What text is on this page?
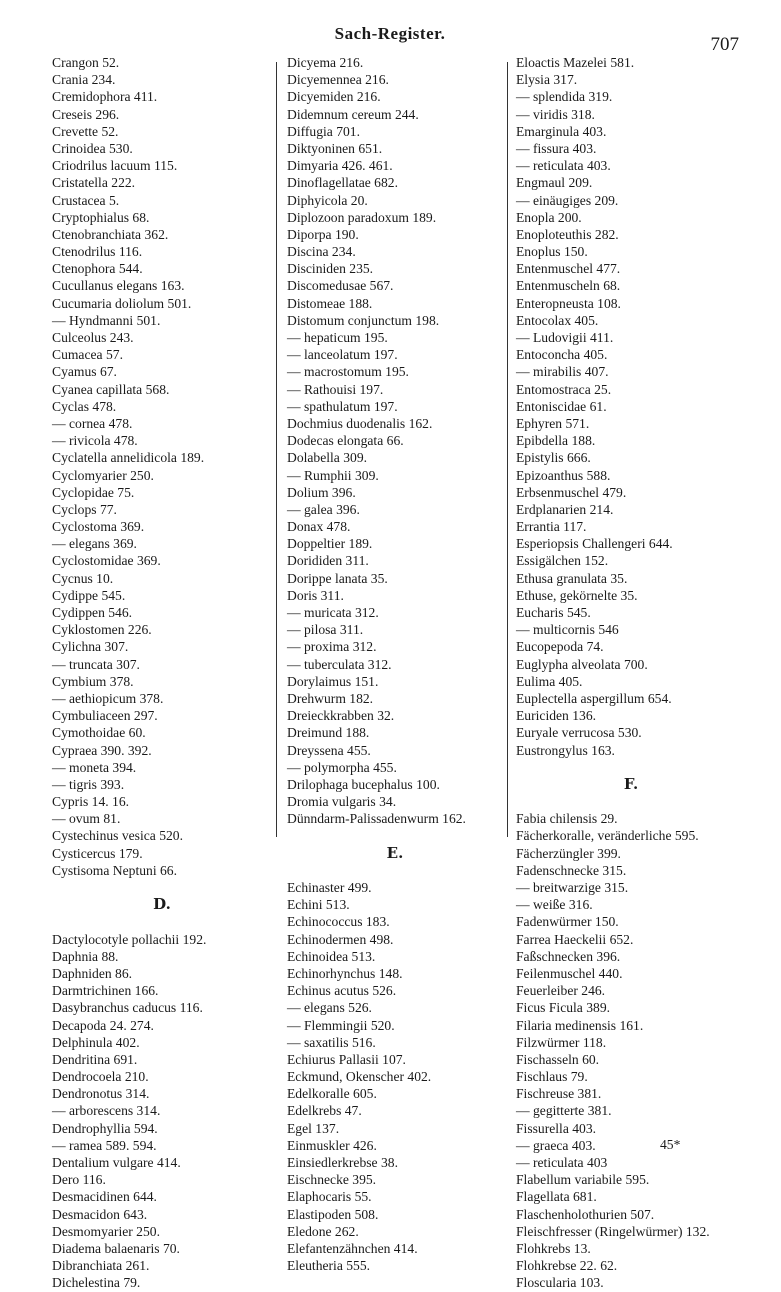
Sach-Register.
707
Crangon 52.
Crania 234.
Cremidophora 411.
Creseis 296.
Crevette 52.
Crinoidea 530.
Criodrilus lacuum 115.
Cristatella 222.
Crustacea 5.
Cryptophialus 68.
Ctenobranchiata 362.
Ctenodrilus 116.
Ctenophora 544.
Cucullanus elegans 163.
Cucumaria doliolum 501.
— Hyndmanni 501.
Culceolus 243.
Cumacea 57.
Cyamus 67.
Cyanea capillata 568.
Cyclas 478.
— cornea 478.
— rivicola 478.
Cyclatella annelidicola 189.
Cyclomyarier 250.
Cyclopidae 75.
Cyclops 77.
Cyclostoma 369.
— elegans 369.
Cyclostomidae 369.
Cycnus 10.
Cydippe 545.
Cydippen 546.
Cyklostomen 226.
Cylichna 307.
— truncata 307.
Cymbium 378.
— aethiopicum 378.
Cymbuliaceen 297.
Cymothoidae 60.
Cypraea 390. 392.
— moneta 394.
— tigris 393.
Cypris 14. 16.
— ovum 81.
Cystechinus vesica 520.
Cysticercus 179.
Cystisoma Neptuni 66.
D.
Dactylocotyle pollachii 192.
Daphnia 88.
Daphniden 86.
Darmtrichinen 166.
Dasybranchus caducus 116.
Decapoda 24. 274.
Delphinula 402.
Dendritina 691.
Dendrocoela 210.
Dendronotus 314.
— arborescens 314.
Dendrophyllia 594.
— ramea 589. 594.
Dentalium vulgare 414.
Dero 116.
Desmacidinen 644.
Desmacidon 643.
Desmomyarier 250.
Diadema balaenaris 70.
Dibranchiata 261.
Dichelestina 79.
Dicyema 216.
Dicyemennea 216.
Dicyemiden 216.
Didemnum cereum 244.
Diffugia 701.
Diktyoninen 651.
Dimyaria 426. 461.
Dinoflagellatae 682.
Diphyicola 20.
Diplozoon paradoxum 189.
Diporpa 190.
Discina 234.
Disciniden 235.
Discomedusae 567.
Distomeae 188.
Distomum conjunctum 198.
— hepaticum 195.
— lanceolatum 197.
— macrostomum 195.
— Rathouisi 197.
— spathulatum 197.
Dochmius duodenalis 162.
Dodecas elongata 66.
Dolabella 309.
— Rumphii 309.
Dolium 396.
— galea 396.
Donax 478.
Doppeltier 189.
Dorididen 311.
Dorippe lanata 35.
Doris 311.
— muricata 312.
— pilosa 311.
— proxima 312.
— tuberculata 312.
Dorylaimus 151.
Drehwurm 182.
Dreieckkrabben 32.
Dreimund 188.
Dreyssena 455.
— polymorpha 455.
Drilophaga bucephalus 100.
Dromia vulgaris 34.
Dünndarm-Palissadenwurm 162.
E.
Echinaster 499.
Echini 513.
Echinococcus 183.
Echinodermen 498.
Echinoidea 513.
Echinorhynchus 148.
Echinus acutus 526.
— elegans 526.
— Flemmingii 520.
— saxatilis 516.
Echiurus Pallasii 107.
Eckmund, Okenscher 402.
Edelkoralle 605.
Edelkrebs 47.
Egel 137.
Einmuskler 426.
Einsiedlerkrebse 38.
Eischnecke 395.
Elaphocaris 55.
Elastipoden 508.
Eledone 262.
Elefantenzähnchen 414.
Eleutheria 555.
Eloactis Mazelei 581.
Elysia 317.
— splendida 319.
— viridis 318.
Emarginula 403.
— fissura 403.
— reticulata 403.
Engmaul 209.
— einäugiges 209.
Enopla 200.
Enoploteuthis 282.
Enoplus 150.
Entenmuschel 477.
Entenmuscheln 68.
Enteropneusta 108.
Entocolax 405.
— Ludovigii 411.
Entoconcha 405.
— mirabilis 407.
Entomostraca 25.
Entoniscidae 61.
Ephyren 571.
Epibdella 188.
Epistylis 666.
Epizoanthus 588.
Erbsenmuschel 479.
Erdplanarien 214.
Errantia 117.
Esperiopsis Challengeri 644.
Essigälchen 152.
Ethusa granulata 35.
Ethuse, gekörnelte 35.
Eucharis 545.
— multicornis 546
Eucopepoda 74.
Euglypha alveolata 700.
Eulima 405.
Euplectella aspergillum 654.
Euriciden 136.
Euryale verrucosa 530.
Eustrongylus 163.
F.
Fabia chilensis 29.
Fächerkoralle, veränderliche 595.
Fächerzüngler 399.
Fadenschnecke 315.
— breitwarzige 315.
— weiße 316.
Fadenwürmer 150.
Farrea Haeckelii 652.
Faßschnecken 396.
Feilenmuschel 440.
Feuerleiber 246.
Ficus Ficula 389.
Filaria medinensis 161.
Filzwürmer 118.
Fischasseln 60.
Fischlaus 79.
Fischreuse 381.
— gegitterte 381.
Fissurella 403.
— graeca 403.
— reticulata 403
Flabellum variabile 595.
Flagellata 681.
Flaschenholothurien 507.
Fleischfresser (Ringelwürmer) 132.
Flohkrebs 13.
Flohkrebse 22. 62.
Floscularia 103.
45*
